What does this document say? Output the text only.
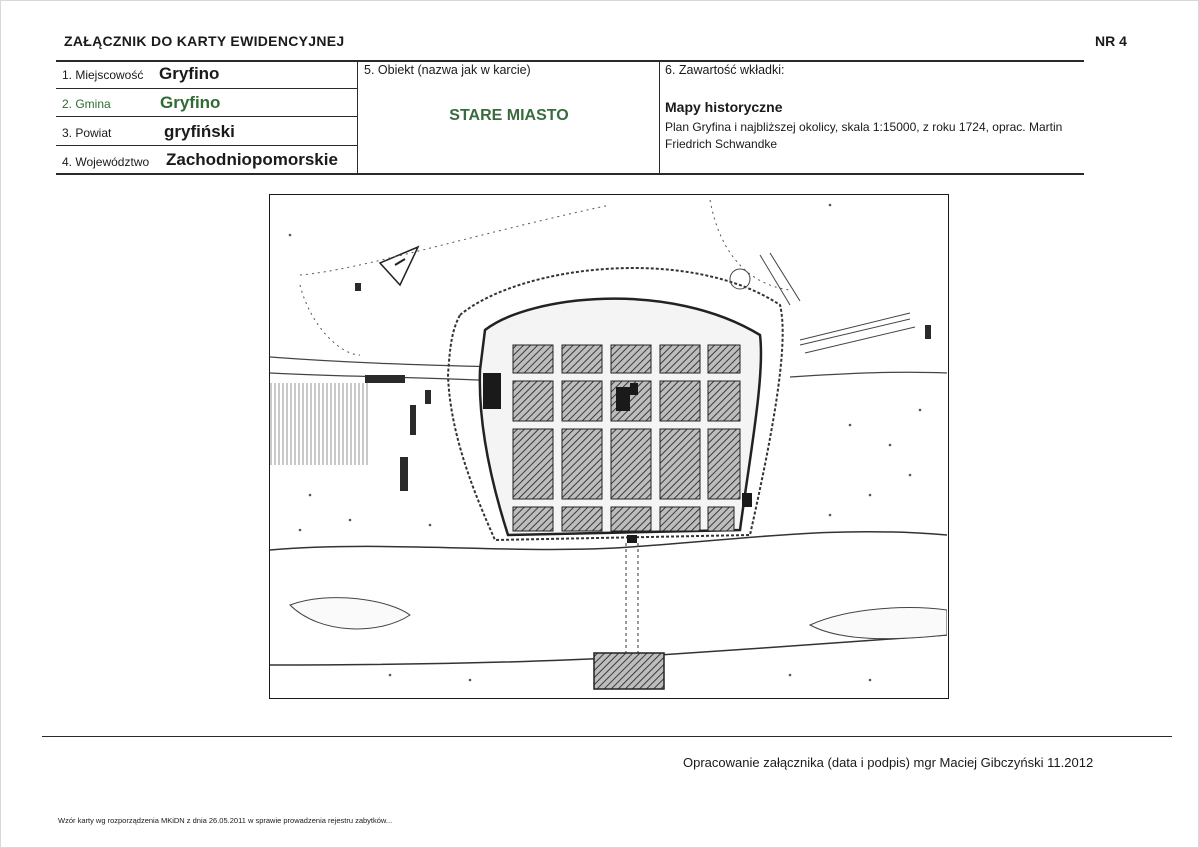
ZAŁĄCZNIK DO KARTY EWIDENCYJNEJ	NR 4
1. Miejscowość Gryfino
2. Gmina	Gryfino
3. Powiat	gryfiński
4. Województwo Zachodniopomorskie
5. Obiekt (nazwa jak w karcie)
STARE MIASTO
6. Zawartość wkładki:
Mapy historyczne
Plan Gryfina i najbliższej okolicy, skala 1:15000, z roku 1724, oprac. Martin Friedrich Schwandke
Opracowanie załącznika (data i podpis) mgr Maciej Gibczyński 11.2012
Wzór karty wg rozporządzenia MKiDN z dnia 26.05.2011 w sprawie prowadzenia rejestru zabytków...
